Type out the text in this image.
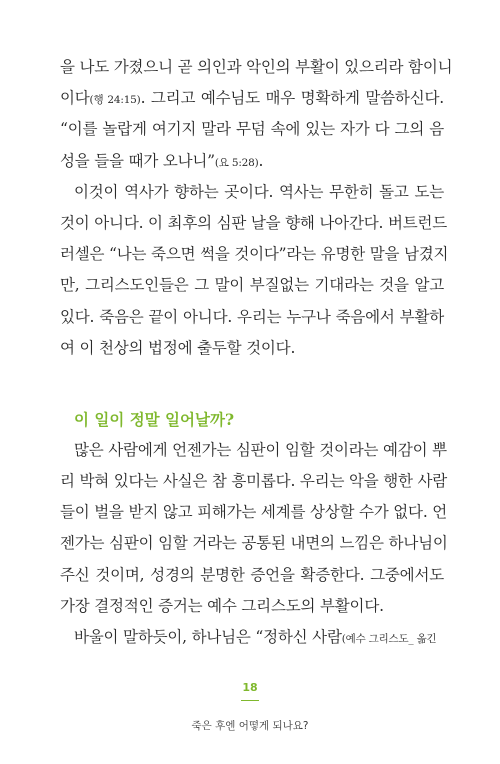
을 나도 가졌으니 곧 의인과 악인의 부활이 있으리라 함이니
이다(행 24:15). 그리고 예수님도 매우 명확하게 말씀하신다.
“이를 놀랍게 여기지 말라 무덤 속에 있는 자가 다 그의 음
성을 들을 때가 오나니”(요 5:28).

이것이 역사가 향하는 곳이다. 역사는 무한히 돌고 도는
것이 아니다. 이 최후의 심판 날을 향해 나아간다. 버트런드
러셀은 “나는 죽으면 썩을 것이다”라는 유명한 말을 남겼지
만, 그리스도인들은 그 말이 부질없는 기대라는 것을 알고
있다. 죽음은 끝이 아니다. 우리는 누구나 죽음에서 부활하
여 이 천상의 법정에 출두할 것이다.

이 일이 정말 일어날까?

많은 사람에게 언젠가는 심판이 임할 것이라는 예감이 뿌
리 박혀 있다는 사실은 참 흥미롭다. 우리는 악을 행한 사람
들이 벌을 받지 않고 피해가는 세계를 상상할 수가 없다. 언
젠가는 심판이 임할 거라는 공통된 내면의 느낌은 하나님이
주신 것이며, 성경의 분명한 증언을 확증한다. 그중에서도
가장 결정적인 증거는 예수 그리스도의 부활이다.

바울이 말하듯이, 하나님은 “정하신 사람(예수 그리스도_ 옮긴

18
죽은 후엔 어떻게 되나요?
